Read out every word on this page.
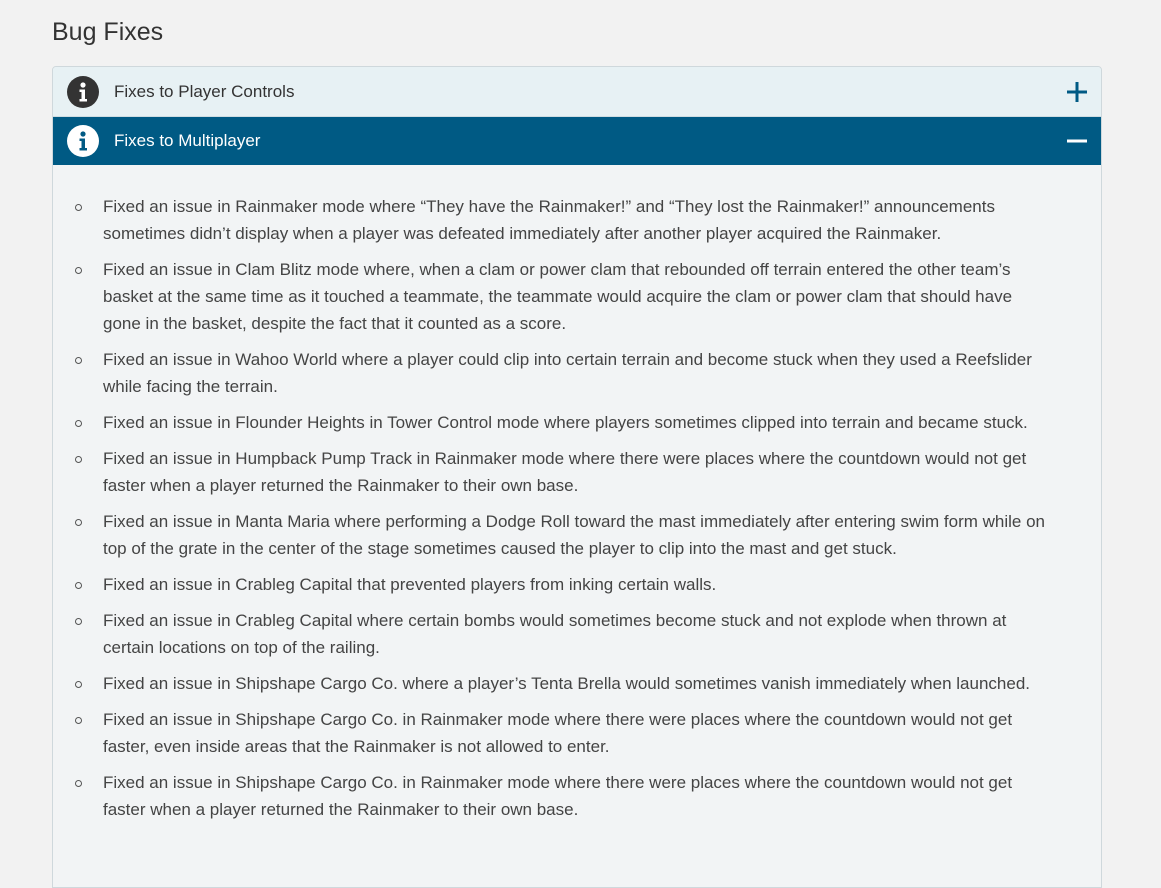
Bug Fixes
Fixes to Player Controls
Fixes to Multiplayer
Fixed an issue in Rainmaker mode where “They have the Rainmaker!” and “They lost the Rainmaker!” announcements sometimes didn’t display when a player was defeated immediately after another player acquired the Rainmaker.
Fixed an issue in Clam Blitz mode where, when a clam or power clam that rebounded off terrain entered the other team’s basket at the same time as it touched a teammate, the teammate would acquire the clam or power clam that should have gone in the basket, despite the fact that it counted as a score.
Fixed an issue in Wahoo World where a player could clip into certain terrain and become stuck when they used a Reefslider while facing the terrain.
Fixed an issue in Flounder Heights in Tower Control mode where players sometimes clipped into terrain and became stuck.
Fixed an issue in Humpback Pump Track in Rainmaker mode where there were places where the countdown would not get faster when a player returned the Rainmaker to their own base.
Fixed an issue in Manta Maria where performing a Dodge Roll toward the mast immediately after entering swim form while on top of the grate in the center of the stage sometimes caused the player to clip into the mast and get stuck.
Fixed an issue in Crableg Capital that prevented players from inking certain walls.
Fixed an issue in Crableg Capital where certain bombs would sometimes become stuck and not explode when thrown at certain locations on top of the railing.
Fixed an issue in Shipshape Cargo Co. where a player’s Tenta Brella would sometimes vanish immediately when launched.
Fixed an issue in Shipshape Cargo Co. in Rainmaker mode where there were places where the countdown would not get faster, even inside areas that the Rainmaker is not allowed to enter.
Fixed an issue in Shipshape Cargo Co. in Rainmaker mode where there were places where the countdown would not get faster when a player returned the Rainmaker to their own base.
